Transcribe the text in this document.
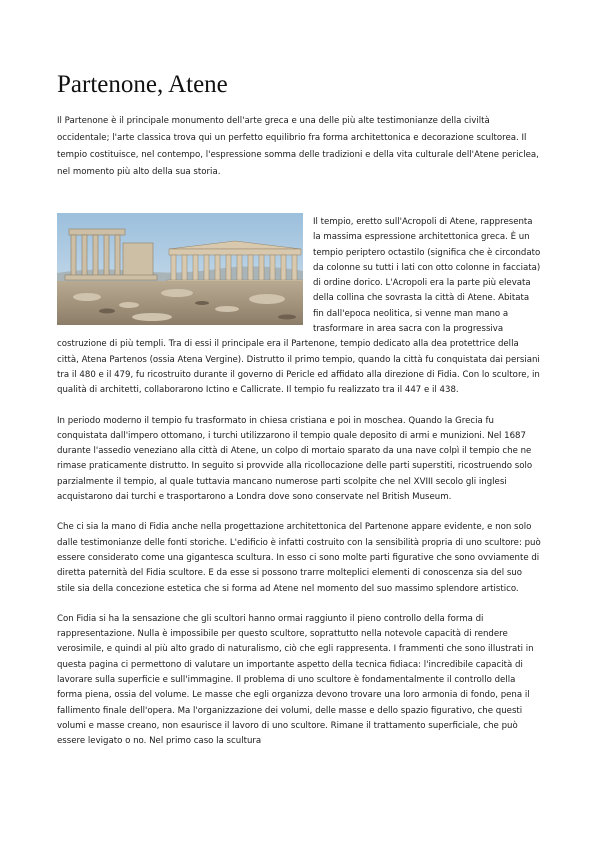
Partenone, Atene

Il Partenone è il principale monumento dell'arte greca e una delle più alte testimonianze della civiltà occidentale; l'arte classica trova qui un perfetto equilibrio fra forma architettonica e decorazione scultorea. Il tempio costituisce, nel contempo, l'espressione somma delle tradizioni e della vita culturale dell'Atene periclea, nel momento più alto della sua storia.

Il tempio, eretto sull'Acropoli di Atene, rappresenta la massima espressione architettonica greca. È un tempio periptero octastilo (significa che è circondato da colonne su tutti i lati con otto colonne in facciata) di ordine dorico. L'Acropoli era la parte più elevata della collina che sovrasta la città di Atene. Abitata fin dall'epoca neolitica, si venne man mano a trasformare in area sacra con la progressiva costruzione di più templi. Tra di essi il principale era il Partenone, tempio dedicato alla dea protettrice della città, Atena Partenos (ossia Atena Vergine). Distrutto il primo tempio, quando la città fu conquistata dai persiani tra il 480 e il 479, fu ricostruito durante il governo di Pericle ed affidato alla direzione di Fidia. Con lo scultore, in qualità di architetti, collaborarono Ictino e Callicrate. Il tempio fu realizzato tra il 447 e il 438.

In periodo moderno il tempio fu trasformato in chiesa cristiana e poi in moschea. Quando la Grecia fu conquistata dall'impero ottomano, i turchi utilizzarono il tempio quale deposito di armi e munizioni. Nel 1687 durante l'assedio veneziano alla città di Atene, un colpo di mortaio sparato da una nave colpì il tempio che ne rimase praticamente distrutto. In seguito si provvide alla ricollocazione delle parti superstiti, ricostruendo solo parzialmente il tempio, al quale tuttavia mancano numerose parti scolpite che nel XVIII secolo gli inglesi acquistarono dai turchi e trasportarono a Londra dove sono conservate nel British Museum.

Che ci sia la mano di Fidia anche nella progettazione architettonica del Partenone appare evidente, e non solo dalle testimonianze delle fonti storiche. L'edificio è infatti costruito con la sensibilità propria di uno scultore: può essere considerato come una gigantesca scultura. In esso ci sono molte parti figurative che sono ovviamente di diretta paternità del Fidia scultore. E da esse si possono trarre molteplici elementi di conoscenza sia del suo stile sia della concezione estetica che si forma ad Atene nel momento del suo massimo splendore artistico.

Con Fidia si ha la sensazione che gli scultori hanno ormai raggiunto il pieno controllo della forma di rappresentazione. Nulla è impossibile per questo scultore, soprattutto nella notevole capacità di rendere verosimile, e quindi al più alto grado di naturalismo, ciò che egli rappresenta. I frammenti che sono illustrati in questa pagina ci permettono di valutare un importante aspetto della tecnica fidiaca: l'incredibile capacità di lavorare sulla superficie e sull'immagine. Il problema di uno scultore è fondamentalmente il controllo della forma piena, ossia del volume. Le masse che egli organizza devono trovare una loro armonia di fondo, pena il fallimento finale dell'opera. Ma l'organizzazione dei volumi, delle masse e dello spazio figurativo, che questi volumi e masse creano, non esaurisce il lavoro di uno scultore. Rimane il trattamento superficiale, che può essere levigato o no. Nel primo caso la scultura
